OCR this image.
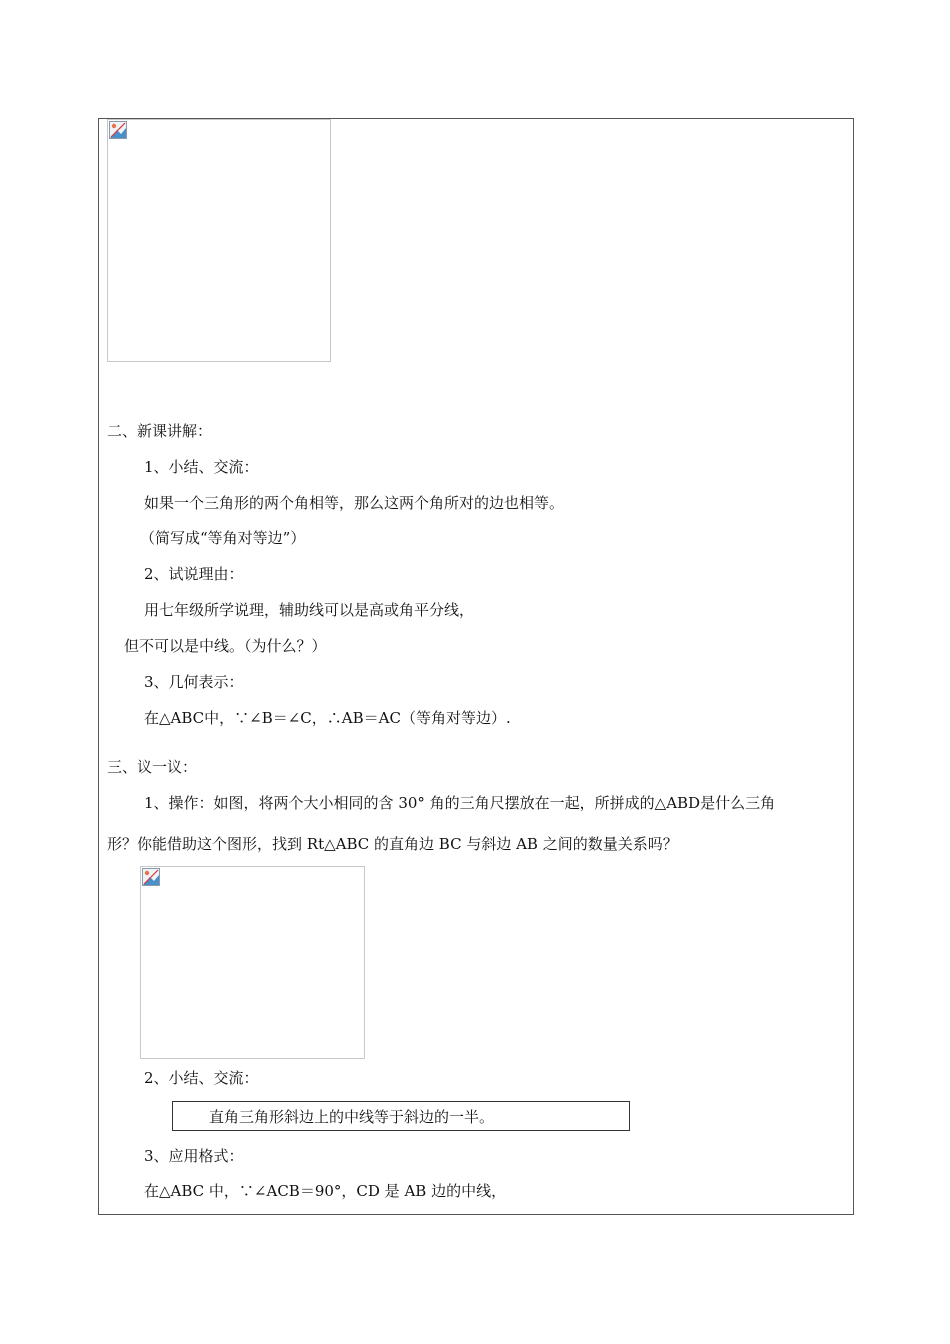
二、新课讲解：
1、小结、交流：
如果一个三角形的两个角相等，那么这两个角所对的边也相等。
（简写成“等角对等边”）
2、试说理由：
用七年级所学说理，辅助线可以是高或角平分线，
但不可以是中线。（为什么？）
3、几何表示：
在△ABC中，∵∠B＝∠C，∴AB＝AC（等角对等边）.
三、议一议：
1、操作：如图，将两个大小相同的含 30° 角的三角尺摆放在一起，所拼成的△ABD是什么三角
形？你能借助这个图形，找到 Rt△ABC 的直角边 BC 与斜边 AB 之间的数量关系吗？
2、小结、交流：
直角三角形斜边上的中线等于斜边的一半。
3、应用格式：
在△ABC 中，∵∠ACB＝90°，CD 是 AB 边的中线，
